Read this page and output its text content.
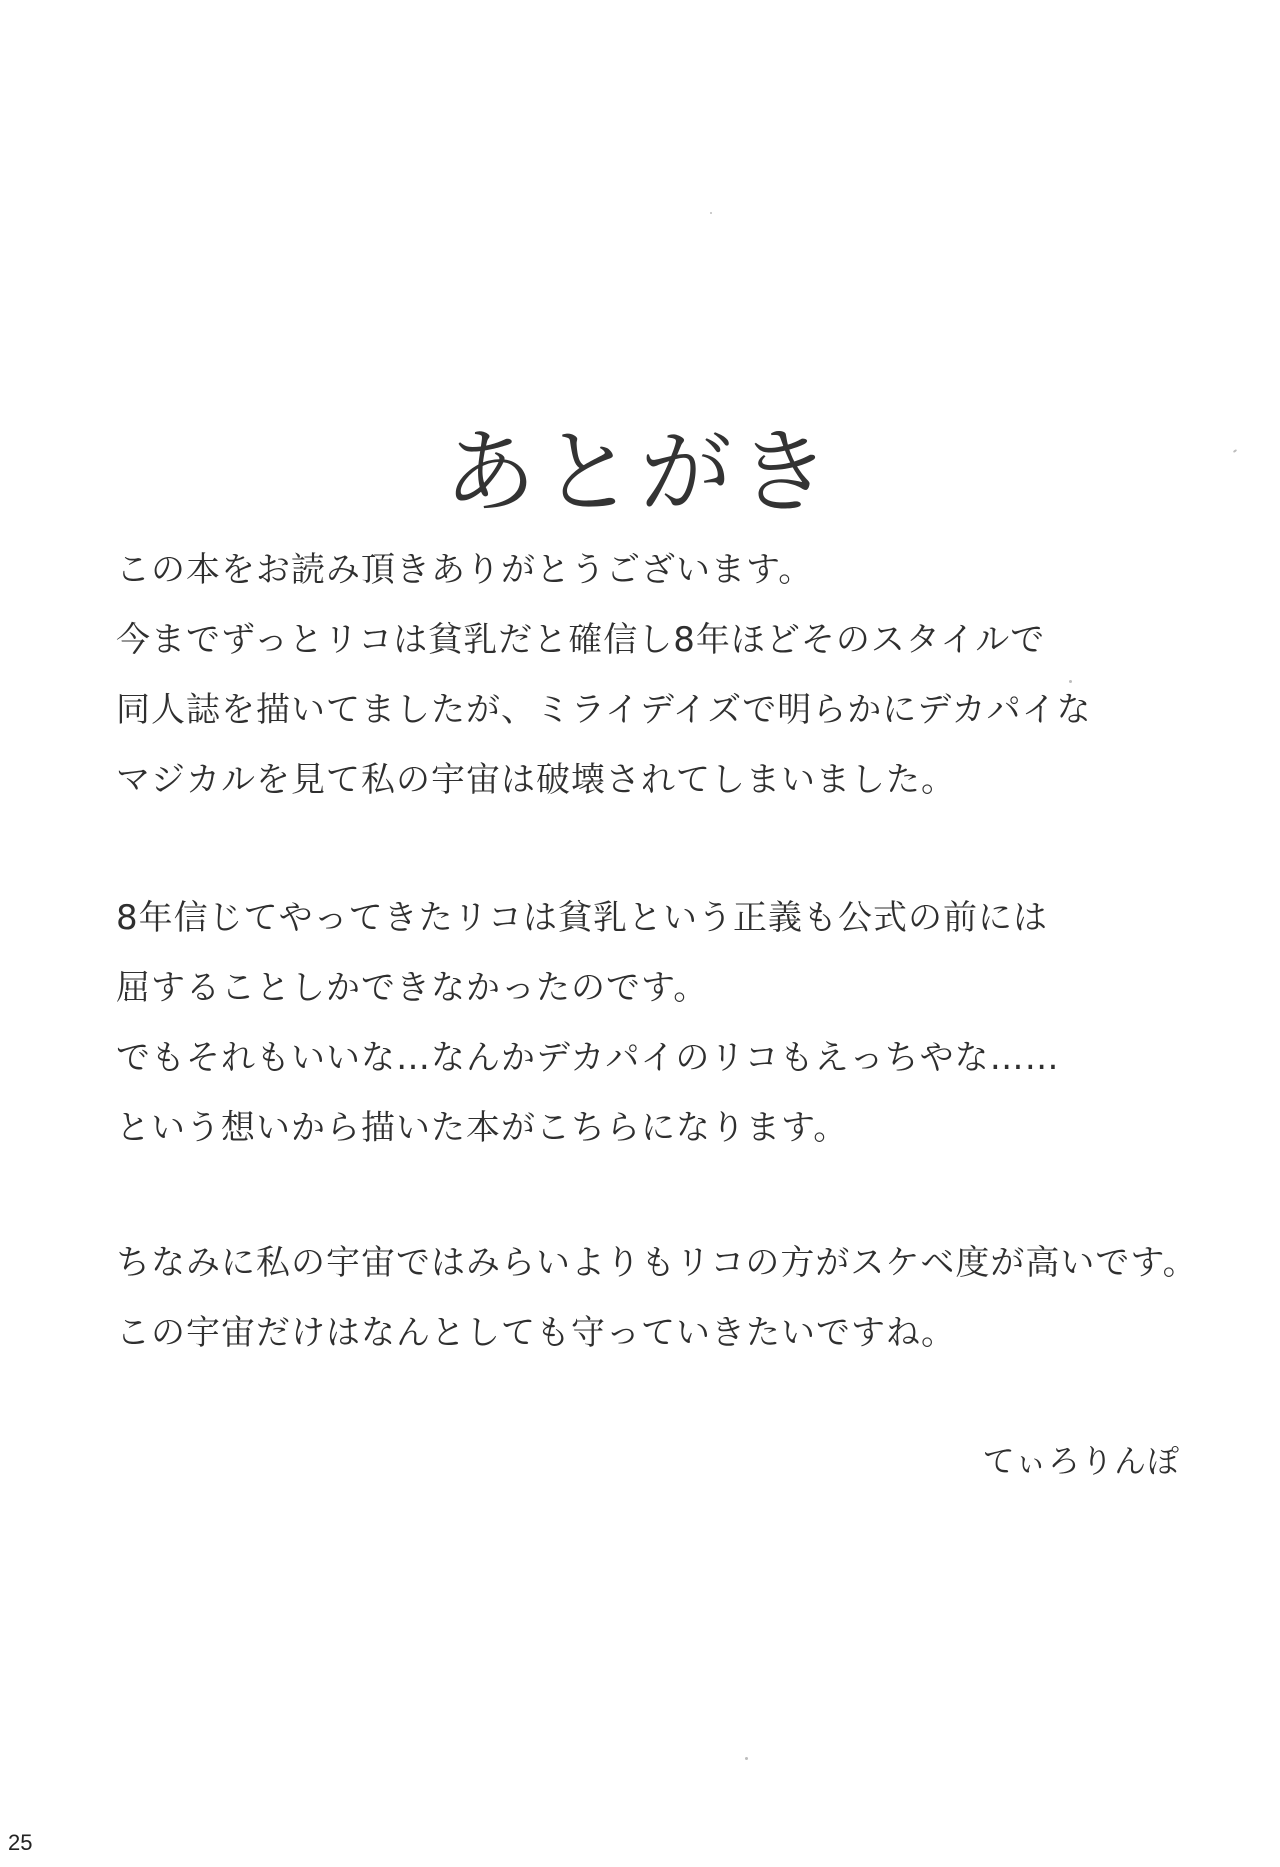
あとがき
この本をお読み頂きありがとうございます。
今までずっとリコは貧乳だと確信し8年ほどそのスタイルで
同人誌を描いてましたが、ミライデイズで明らかにデカパイな
マジカルを見て私の宇宙は破壊されてしまいました。
8年信じてやってきたリコは貧乳という正義も公式の前には
屈することしかできなかったのです。
でもそれもいいな…なんかデカパイのリコもえっちやな……
という想いから描いた本がこちらになります。
ちなみに私の宇宙ではみらいよりもリコの方がスケベ度が高いです。
この宇宙だけはなんとしても守っていきたいですね。
てぃろりんぽ
25
